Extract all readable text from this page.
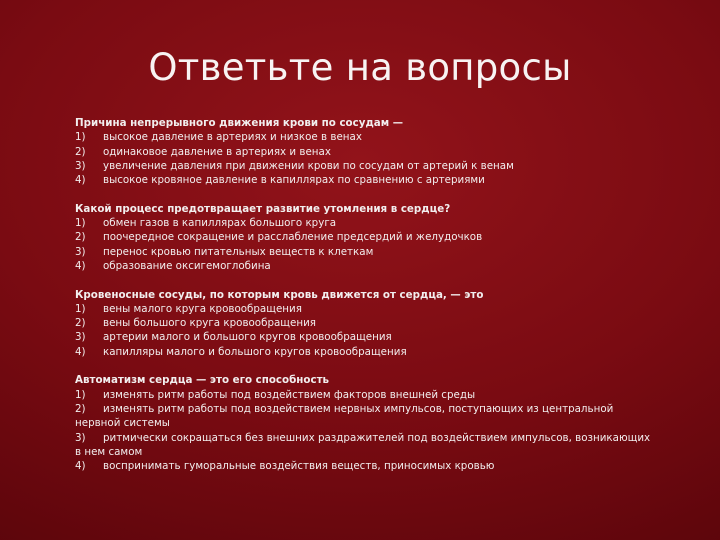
Ответьте на вопросы
Причина непрерывного движения крови по сосудам —
1) высокое давление в артериях и низкое в венах
2) одинаковое давление в артериях и венах
3) увеличение давления при движении крови по сосудам от артерий к венам
4) высокое кровяное давление в капиллярах по сравнению с артериями
Какой процесс предотвращает развитие утомления в сердце?
1) обмен газов в капиллярах большого круга
2) поочередное сокращение и расслабление предсердий и желудочков
3) перенос кровью питательных веществ к клеткам
4) образование оксигемоглобина
Кровеносные сосуды, по которым кровь движется от сердца, — это
1) вены малого круга кровообращения
2) вены большого круга кровообращения
3) артерии малого и большого кругов кровообращения
4) капилляры малого и большого кругов кровообращения
Автоматизм сердца — это его способность
1) изменять ритм работы под воздействием факторов внешней среды
2) изменять ритм работы под воздействием нервных импульсов, поступающих из центральной нервной системы
3) ритмически сокращаться без внешних раздражителей под воздействием импульсов, возникающих в нем самом
4) воспринимать гуморальные воздействия веществ, приносимых кровью
